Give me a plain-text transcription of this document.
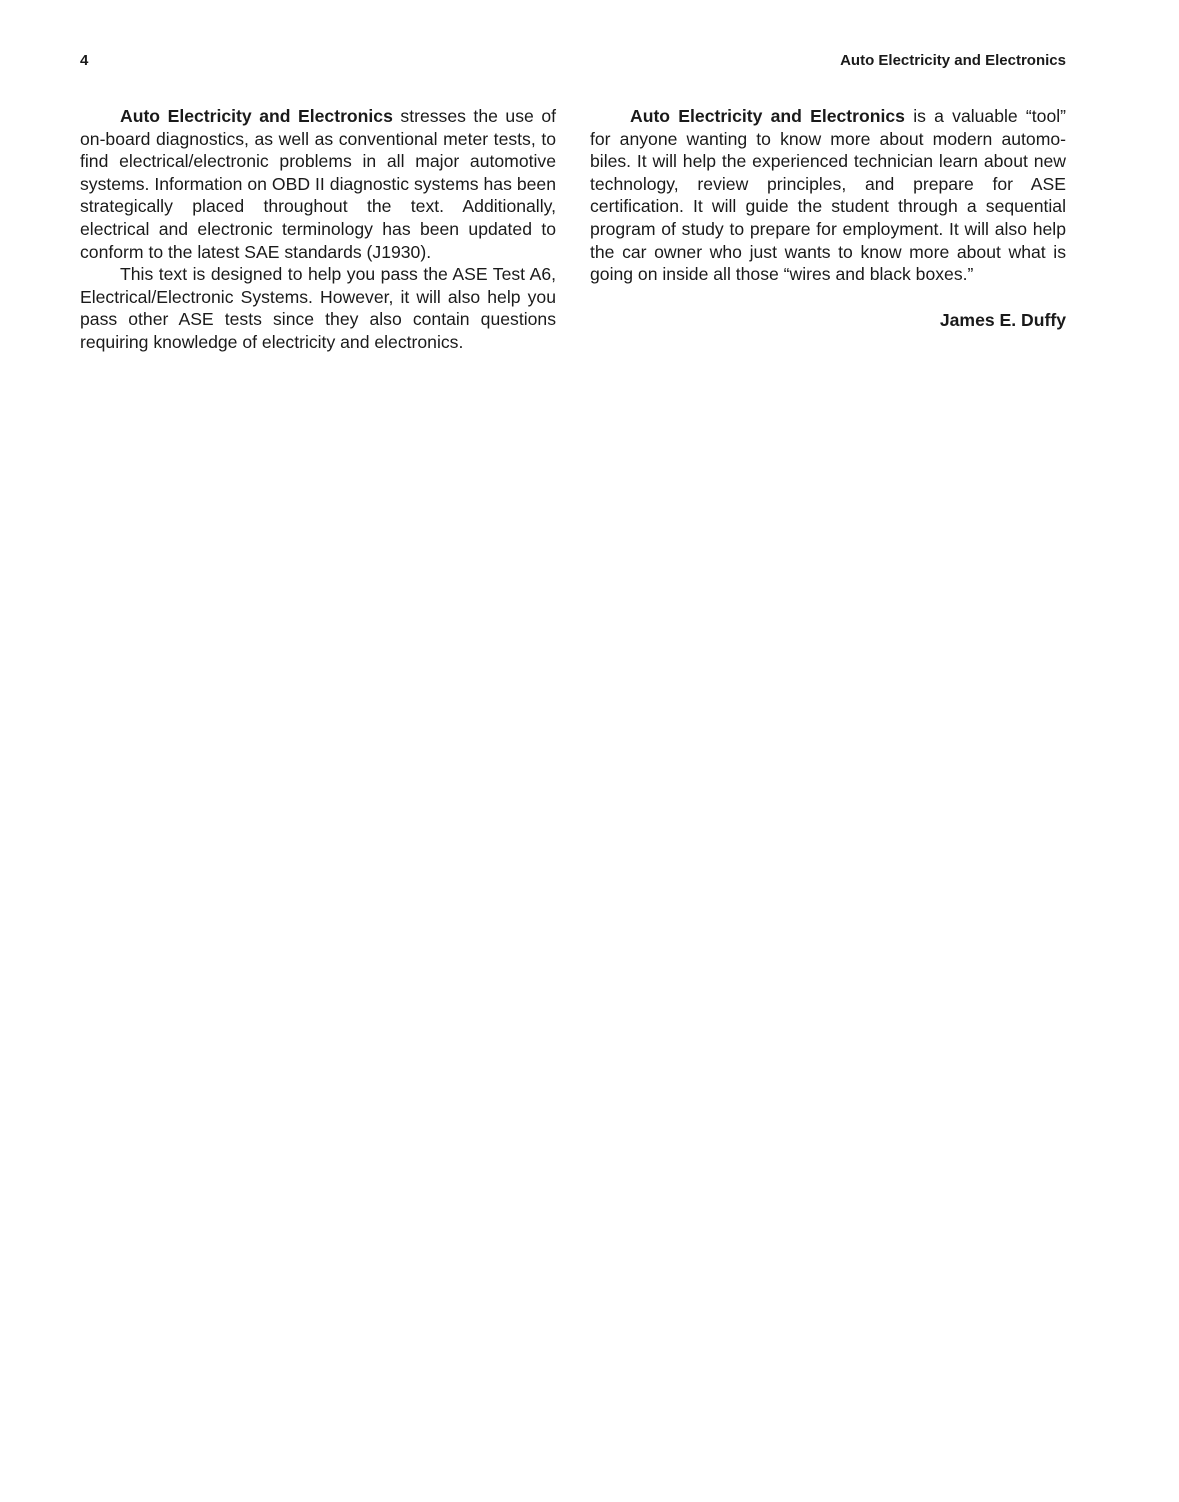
4	Auto Electricity and Electronics

Auto Electricity and Electronics stresses the use of on-board diagnostics, as well as conventional meter tests, to find electrical/electronic problems in all major automotive systems. Information on OBD II diagnostic systems has been strategically placed throughout the text. Additionally, electrical and electronic terminology has been updated to conform to the latest SAE standards (J1930).

This text is designed to help you pass the ASE Test A6, Electrical/Electronic Systems. However, it will also help you pass other ASE tests since they also contain questions requiring knowledge of electricity and electronics.

Auto Electricity and Electronics is a valuable “tool” for anyone wanting to know more about modern automobiles. It will help the experienced technician learn about new technology, review principles, and prepare for ASE certification. It will guide the student through a sequential program of study to prepare for employment. It will also help the car owner who just wants to know more about what is going on inside all those “wires and black boxes.”

James E. Duffy
